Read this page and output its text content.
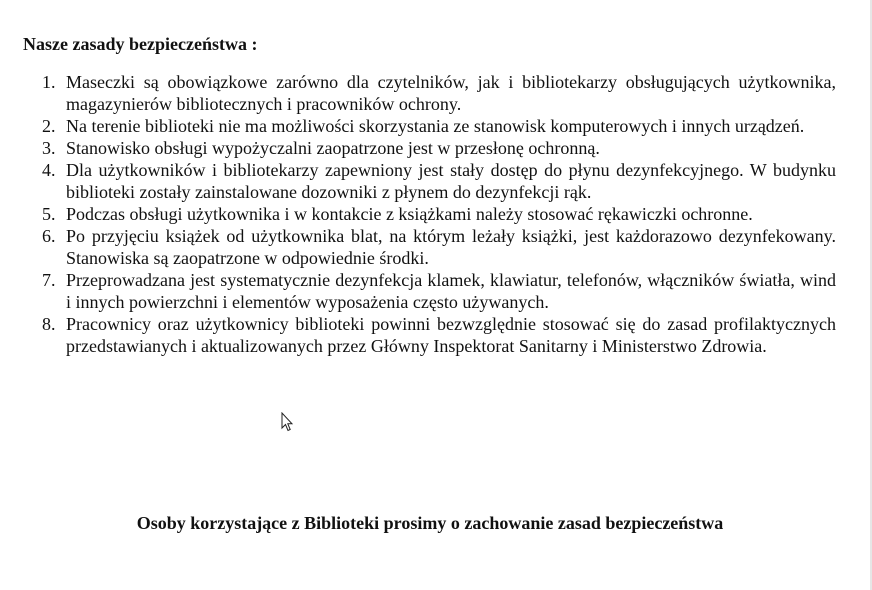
Nasze zasady bezpieczeństwa :
1. Maseczki są obowiązkowe zarówno dla czytelników, jak i bibliotekarzy obsługujących użytkownika, magazynierów bibliotecznych i pracowników ochrony.
2. Na terenie biblioteki nie ma możliwości skorzystania ze stanowisk komputerowych i innych urządzeń.
3. Stanowisko obsługi wypożyczalni zaopatrzone jest w przesłonę ochronną.
4. Dla użytkowników i bibliotekarzy zapewniony jest stały dostęp do płynu dezynfekcyjnego. W budynku biblioteki zostały zainstalowane dozowniki z płynem do dezynfekcji rąk.
5. Podczas obsługi użytkownika i w kontakcie z książkami należy stosować rękawiczki ochronne.
6. Po przyjęciu książek od użytkownika blat, na którym leżały książki, jest każdorazowo dezynfekowany. Stanowiska są zaopatrzone w odpowiednie środki.
7. Przeprowadzana jest systematycznie dezynfekcja klamek, klawiatur, telefonów, włączników światła, wind i innych powierzchni i elementów wyposażenia często używanych.
8. Pracownicy oraz użytkownicy biblioteki powinni bezwzględnie stosować się do zasad profilaktycznych przedstawianych i aktualizowanych przez Główny Inspektorat Sanitarny i Ministerstwo Zdrowia.
Osoby korzystające z Biblioteki prosimy o zachowanie zasad bezpieczeństwa
